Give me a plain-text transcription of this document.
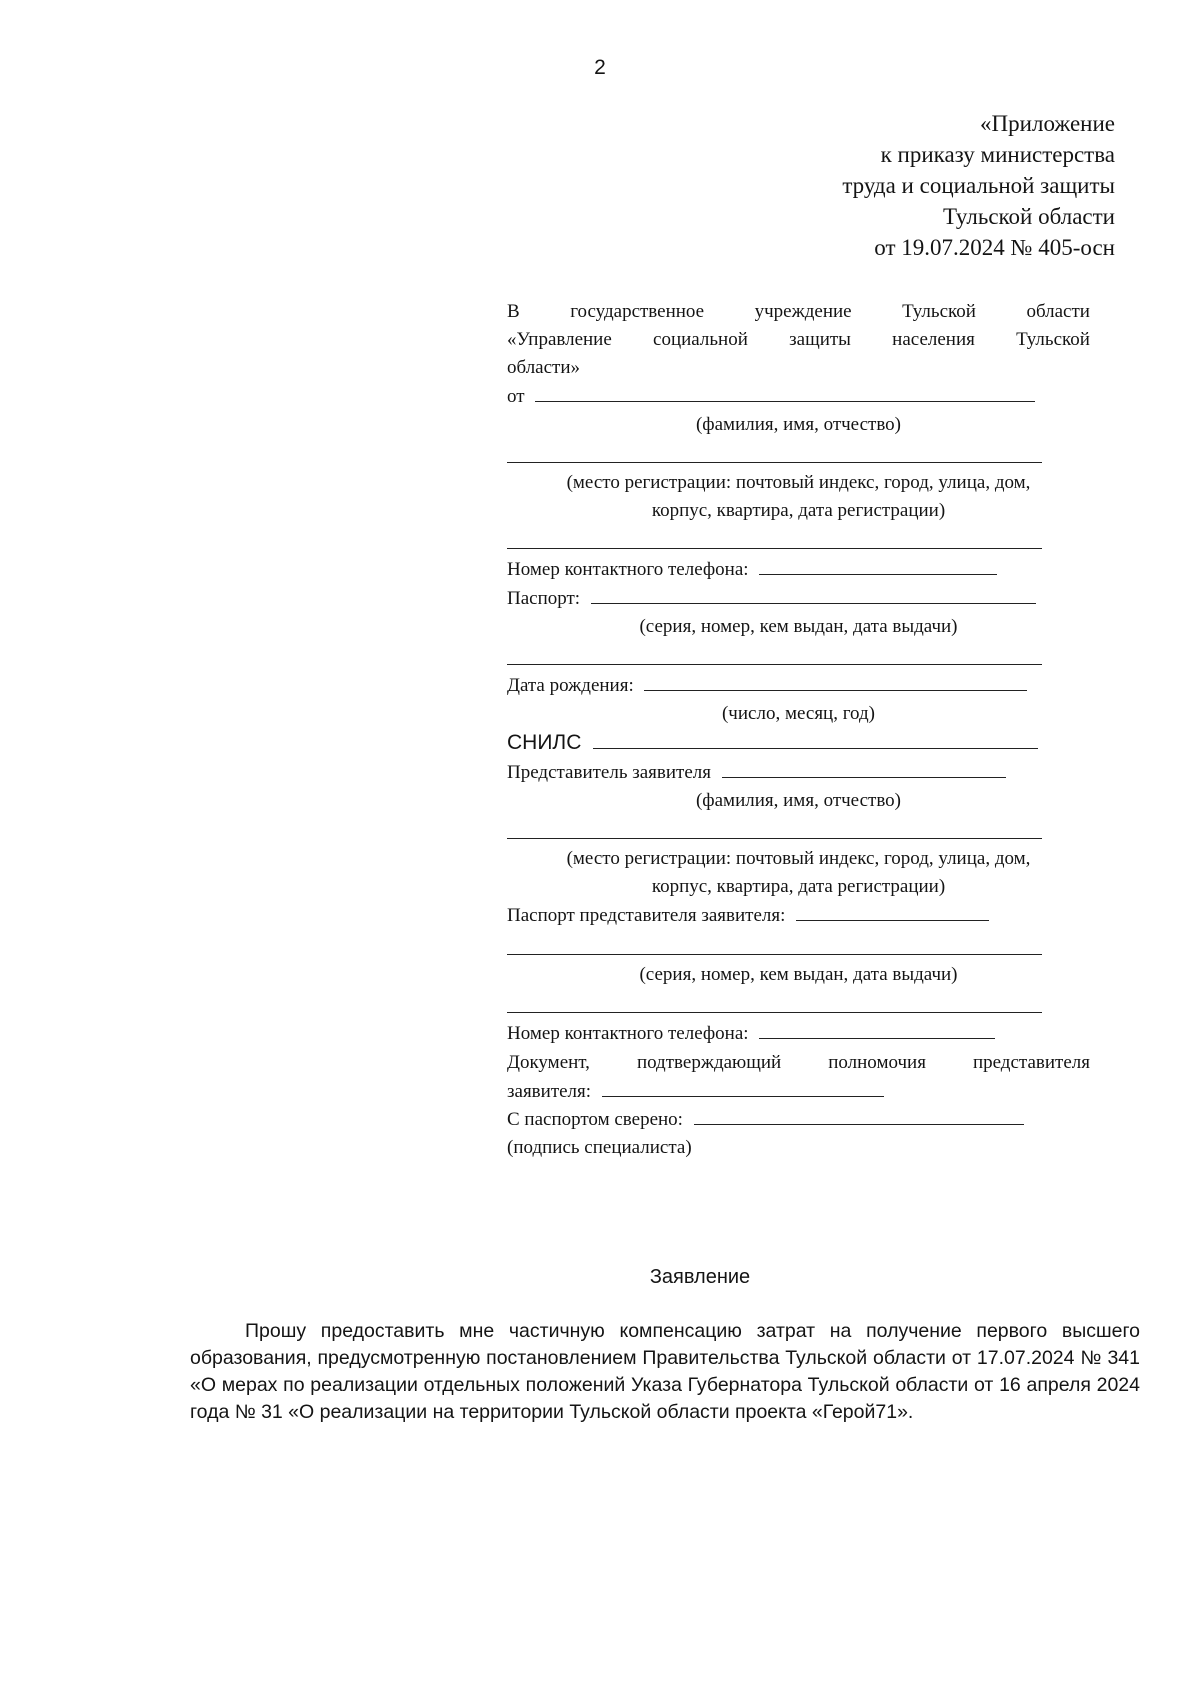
2
«Приложение
к приказу министерства
труда и социальной защиты
Тульской области
от 19.07.2024 № 405-осн
В	государственное	учреждение	Тульской	области
«Управление социальной защиты населения Тульской
области»
от
(фамилия, имя, отчество)
(место регистрации: почтовый индекс, город, улица, дом,
корпус, квартира, дата регистрации)
Номер контактного телефона:
Паспорт:
(серия, номер, кем выдан, дата выдачи)
Дата рождения:
(число, месяц, год)
СНИЛС
Представитель заявителя
(фамилия, имя, отчество)
(место регистрации: почтовый индекс, город, улица, дом,
корпус, квартира, дата регистрации)
Паспорт представителя заявителя:
(серия, номер, кем выдан, дата выдачи)
Номер контактного телефона:
Документ, подтверждающий полномочия представителя
заявителя:
С паспортом сверено:
(подпись специалиста)
Заявление
Прошу предоставить мне частичную компенсацию затрат на получение первого высшего образования, предусмотренную постановлением Правительства Тульской области от 17.07.2024 № 341 «О мерах по реализации отдельных положений Указа Губернатора Тульской области от 16 апреля 2024 года № 31 «О реализации на территории Тульской области проекта «Герой71».
